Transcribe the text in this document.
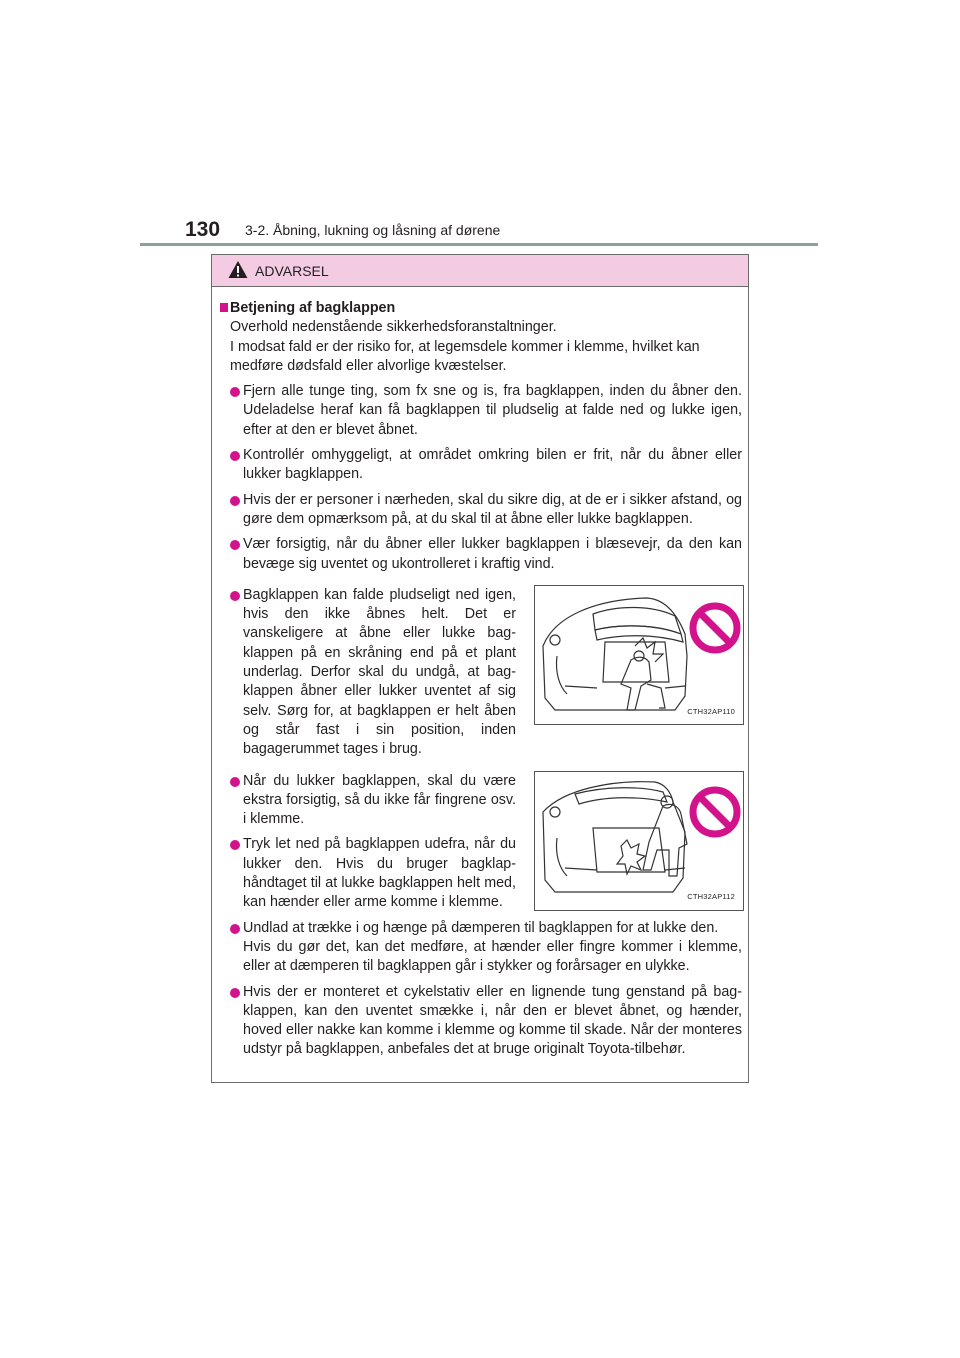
130 3-2. Åbning, lukning og låsning af dørene
ADVARSEL
Betjening af bagklappen
Overhold nedenstående sikkerhedsforanstaltninger.
I modsat fald er der risiko for, at legemsdele kommer i klemme, hvilket kan medføre dødsfald eller alvorlige kvæstelser.
Fjern alle tunge ting, som fx sne og is, fra bagklappen, inden du åbner den. Udeladelse heraf kan få bagklappen til pludselig at falde ned og lukke igen, efter at den er blevet åbnet.
Kontrollér omhyggeligt, at området omkring bilen er frit, når du åbner eller lukker bagklappen.
Hvis der er personer i nærheden, skal du sikre dig, at de er i sikker afstand, og gøre dem opmærksom på, at du skal til at åbne eller lukke bagklappen.
Vær forsigtig, når du åbner eller lukker bagklappen i blæsevejr, da den kan bevæge sig uventet og ukontrolleret i kraftig vind.
Bagklappen kan falde pludseligt ned igen, hvis den ikke åbnes helt. Det er vanskeligere at åbne eller lukke bagklappen på en skråning end på et plant underlag. Derfor skal du undgå, at bagklappen åbner eller lukker uventet af sig selv. Sørg for, at bagklappen er helt åben og står fast i sin position, inden bagagerummet tages i brug.
CTH32AP110
Når du lukker bagklappen, skal du være ekstra forsigtig, så du ikke får fingrene osv. i klemme.
Tryk let ned på bagklappen udefra, når du lukker den. Hvis du bruger bagklaphåndtaget til at lukke bagklappen helt med, kan hænder eller arme komme i klemme.	CTH32AP112
Undlad at trække i og hænge på dæmperen til bagklappen for at lukke den.
Hvis du gør det, kan det medføre, at hænder eller fingre kommer i klemme, eller at dæmperen til bagklappen går i stykker og forårsager en ulykke.
Hvis der er monteret et cykelstativ eller en lignende tung genstand på bagklappen, kan den uventet smække i, når den er blevet åbnet, og hænder, hoved eller nakke kan komme i klemme og komme til skade. Når der monteres udstyr på bagklappen, anbefales det at bruge originalt Toyota-tilbehør.
